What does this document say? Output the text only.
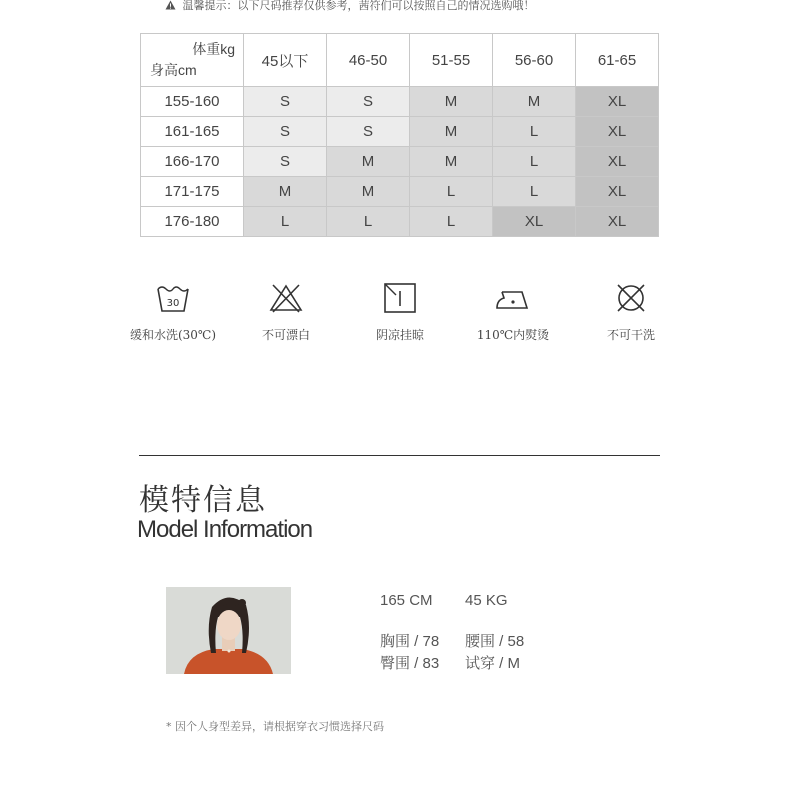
温馨提示：以下尺码推荐仅供参考，茜符们可以按照自己的情况选购哦！
体重kg
身高cm	45以下	46-50	51-55	56-60	61-65
155-160	S	S	M	M	XL
161-165	S	S	M	L	XL
166-170	S	M	M	L	XL
171-175	M	M	L	L	XL
176-180	L	L	L	XL	XL
30
缓和水洗(30℃)	不可漂白	阴凉挂晾	110℃内熨烫	不可干洗
模特信息
Model Information
165 CM 45 KG
胸围 / 78 腰围 / 58
臀围 / 83 试穿 / M
* 因个人身型差异，请根据穿衣习惯选择尺码
